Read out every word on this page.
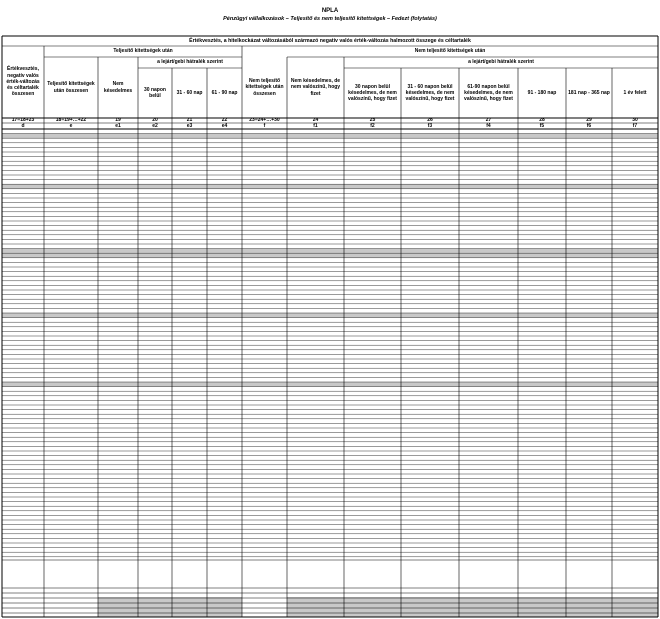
NPLA
Pénzügyi vállalkozások – Teljesítő és nem teljesítő kitettségek – Fedezt (folytatás)
Értékvesztés, a hitelkockázat változásából származó negatív valós érték-változás halmozott összege és céltartalék
Teljesítő kitettségek után	Nem teljesítő kitettségek után
a lejárt/gebi hátralék szerint	a lejárt/gebi hátralék szerint
Értékvesztés, negatív valós érték-változás és céltartalék összesen
17=18+23
d
Teljesítő kitettségek után összesen
18=19+…+22
e
Nem késedelmes
19
e1
30 napon belül
20
e2
31 - 60 nap
21
e3
61 - 90 nap
22
e4
Nem teljesítő kitettségek után összesen
23=24+…+30
f
Nem késedelmes, de nem valószínű, hogy fizet
24
f1
30 napon belül késedelmes, de nem valószínű, hogy fizet
25
f2
31 - 60 napon belül késedelmes, de nem valószínű, hogy fizet
26
f3
61-90 napon belül késedelmes, de nem valószínű, hogy fizet
27
f4
91 - 180 nap
28
f5
181 nap - 365 nap
29
f6
1 év felett
30
f7
